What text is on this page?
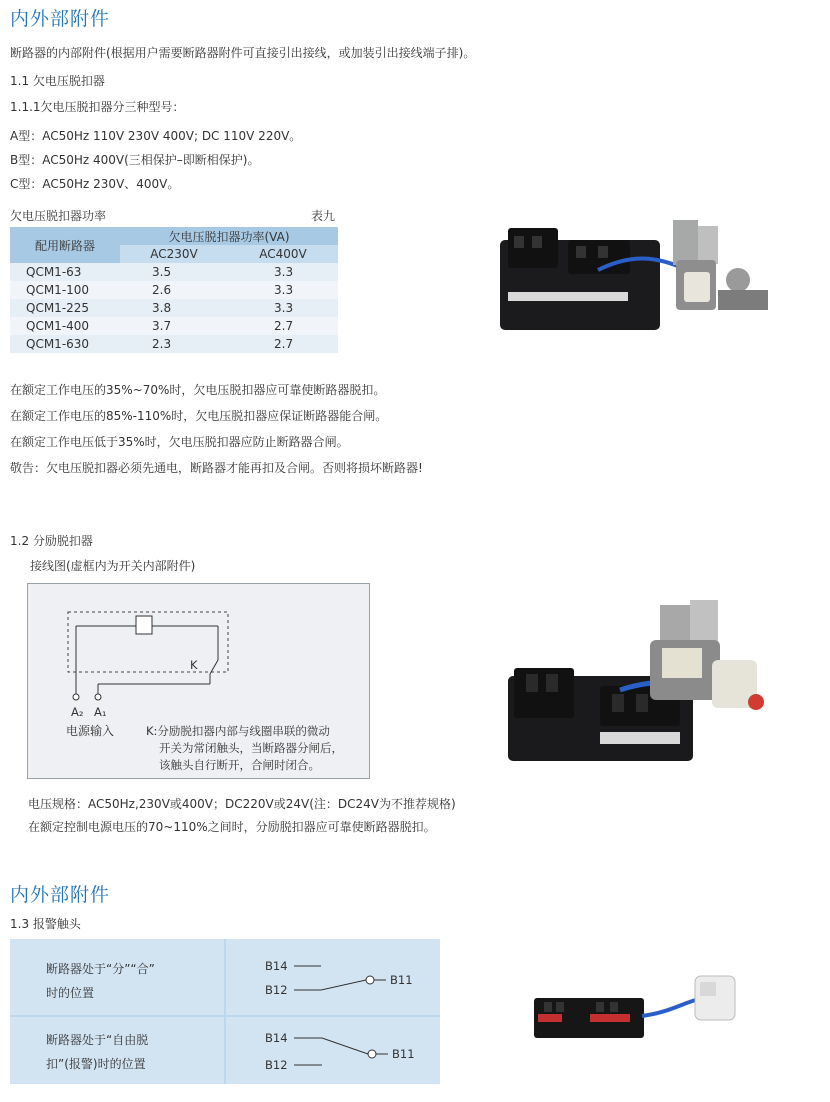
内外部附件
断路器的内部附件(根据用户需要断路器附件可直接引出接线，或加装引出接线端子排)。
1.1 欠电压脱扣器
1.1.1欠电压脱扣器分三种型号：
A型：AC50Hz 110V 230V 400V; DC 110V 220V。
B型：AC50Hz 400V(三相保护–即断相保护)。
C型：AC50Hz 230V、400V。
欠电压脱扣器功率	表九
配用断路器	欠电压脱扣器功率(VA)	
	AC230V	AC400V
QCM1-63	3.5	3.3
QCM1-100	2.6	3.3
QCM1-225	3.8	3.3
QCM1-400	3.7	2.7
QCM1-630	2.3	2.7
在额定工作电压的35%~70%时，欠电压脱扣器应可靠使断路器脱扣。
在额定工作电压的85%-110%时，欠电压脱扣器应保证断路器能合闸。
在额定工作电压低于35%时，欠电压脱扣器应防止断路器合闸。
敬告：欠电压脱扣器必须先通电，断路器才能再扣及合闸。否则将损坏断路器!
1.2 分励脱扣器
接线图(虚框内为开关内部附件)
K
A₂ A₁
电源输入	K:分励脱扣器内部与线圈串联的微动
开关为常闭触头，当断路器分闸后，
该触头自行断开，合闸时闭合。
电压规格：AC50Hz,230V或400V；DC220V或24V(注：DC24V为不推荐规格)
在额定控制电源电压的70~110%之间时，分励脱扣器应可靠使断路器脱扣。
内外部附件
1.3 报警触头
断路器处于“分”“合”
时的位置
断路器处于“自由脱
扣”(报警)时的位置
B14
B12
B11
B14
B12
B11
